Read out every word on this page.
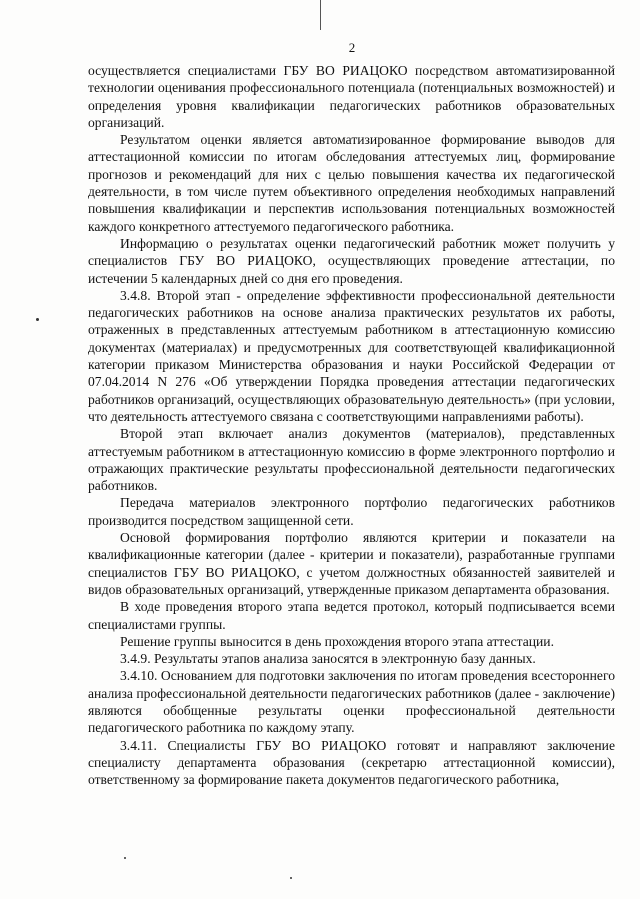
2

осуществляется специалистами ГБУ ВО РИАЦОКО посредством автоматизированной технологии оценивания профессионального потенциала (потенциальных возможностей) и определения уровня квалификации педагогических работников образовательных организаций.

Результатом оценки является автоматизированное формирование выводов для аттестационной комиссии по итогам обследования аттестуемых лиц, формирование прогнозов и рекомендаций для них с целью повышения качества их педагогической деятельности, в том числе путем объективного определения необходимых направлений повышения квалификации и перспектив использования потенциальных возможностей каждого конкретного аттестуемого педагогического работника.

Информацию о результатах оценки педагогический работник может получить у специалистов ГБУ ВО РИАЦОКО, осуществляющих проведение аттестации, по истечении 5 календарных дней со дня его проведения.

3.4.8. Второй этап - определение эффективности профессиональной деятельности педагогических работников на основе анализа практических результатов их работы, отраженных в представленных аттестуемым работником в аттестационную комиссию документах (материалах) и предусмотренных для соответствующей квалификационной категории приказом Министерства образования и науки Российской Федерации от 07.04.2014 N 276 «Об утверждении Порядка проведения аттестации педагогических работников организаций, осуществляющих образовательную деятельность» (при условии, что деятельность аттестуемого связана с соответствующими направлениями работы).

Второй этап включает анализ документов (материалов), представленных аттестуемым работником в аттестационную комиссию в форме электронного портфолио и отражающих практические результаты профессиональной деятельности педагогических работников.

Передача материалов электронного портфолио педагогических работников производится посредством защищенной сети.

Основой формирования портфолио являются критерии и показатели на квалификационные категории (далее - критерии и показатели), разработанные группами специалистов ГБУ ВО РИАЦОКО, с учетом должностных обязанностей заявителей и видов образовательных организаций, утвержденные приказом департамента образования.

В ходе проведения второго этапа ведется протокол, который подписывается всеми специалистами группы.

Решение группы выносится в день прохождения второго этапа аттестации.

3.4.9. Результаты этапов анализа заносятся в электронную базу данных.

3.4.10. Основанием для подготовки заключения по итогам проведения всестороннего анализа профессиональной деятельности педагогических работников (далее - заключение) являются обобщенные результаты оценки профессиональной деятельности педагогического работника по каждому этапу.

3.4.11. Специалисты ГБУ ВО РИАЦОКО готовят и направляют заключение специалисту департамента образования (секретарю аттестационной комиссии), ответственному за формирование пакета документов педагогического работника,
